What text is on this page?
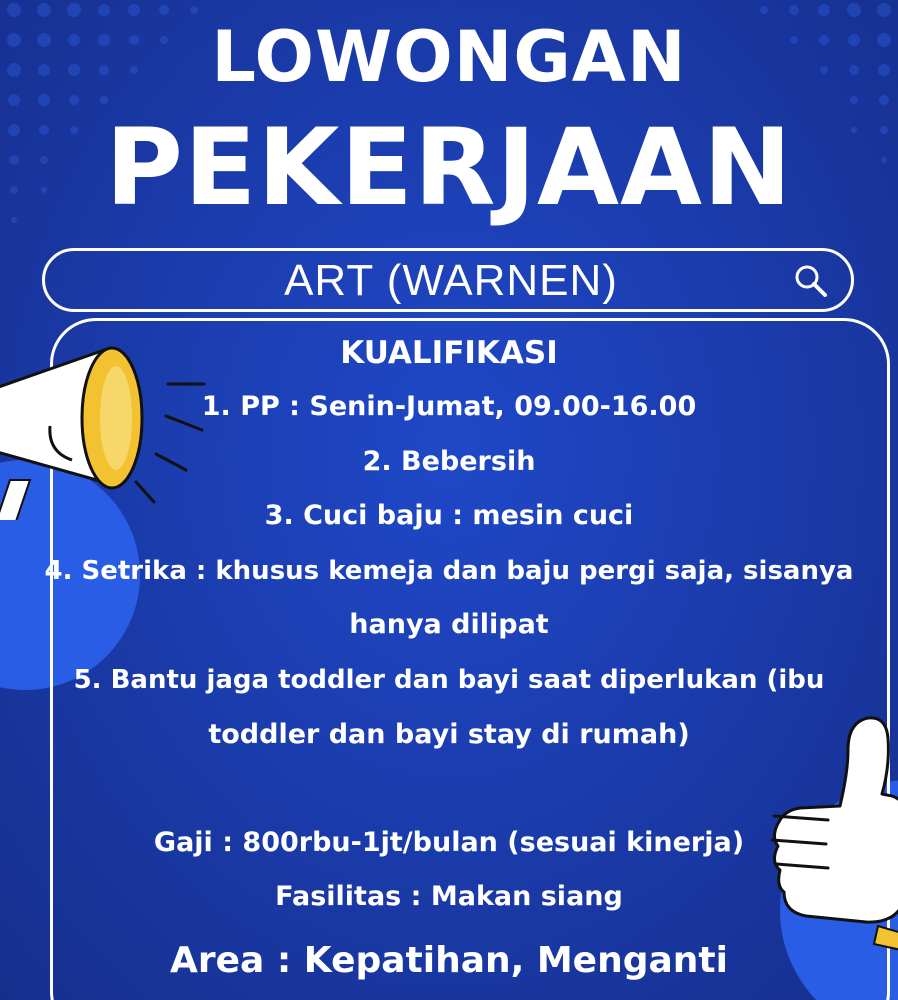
LOWONGAN
PEKERJAAN
ART (WARNEN)
KUALIFIKASI
1. PP : Senin-Jumat, 09.00-16.00
2. Bebersih
3. Cuci baju : mesin cuci
4. Setrika : khusus kemeja dan baju pergi saja, sisanya
hanya dilipat
5. Bantu jaga toddler dan bayi saat diperlukan (ibu
toddler dan bayi stay di rumah)
Gaji : 800rbu-1jt/bulan (sesuai kinerja)
Fasilitas : Makan siang
Area : Kepatihan, Menganti
